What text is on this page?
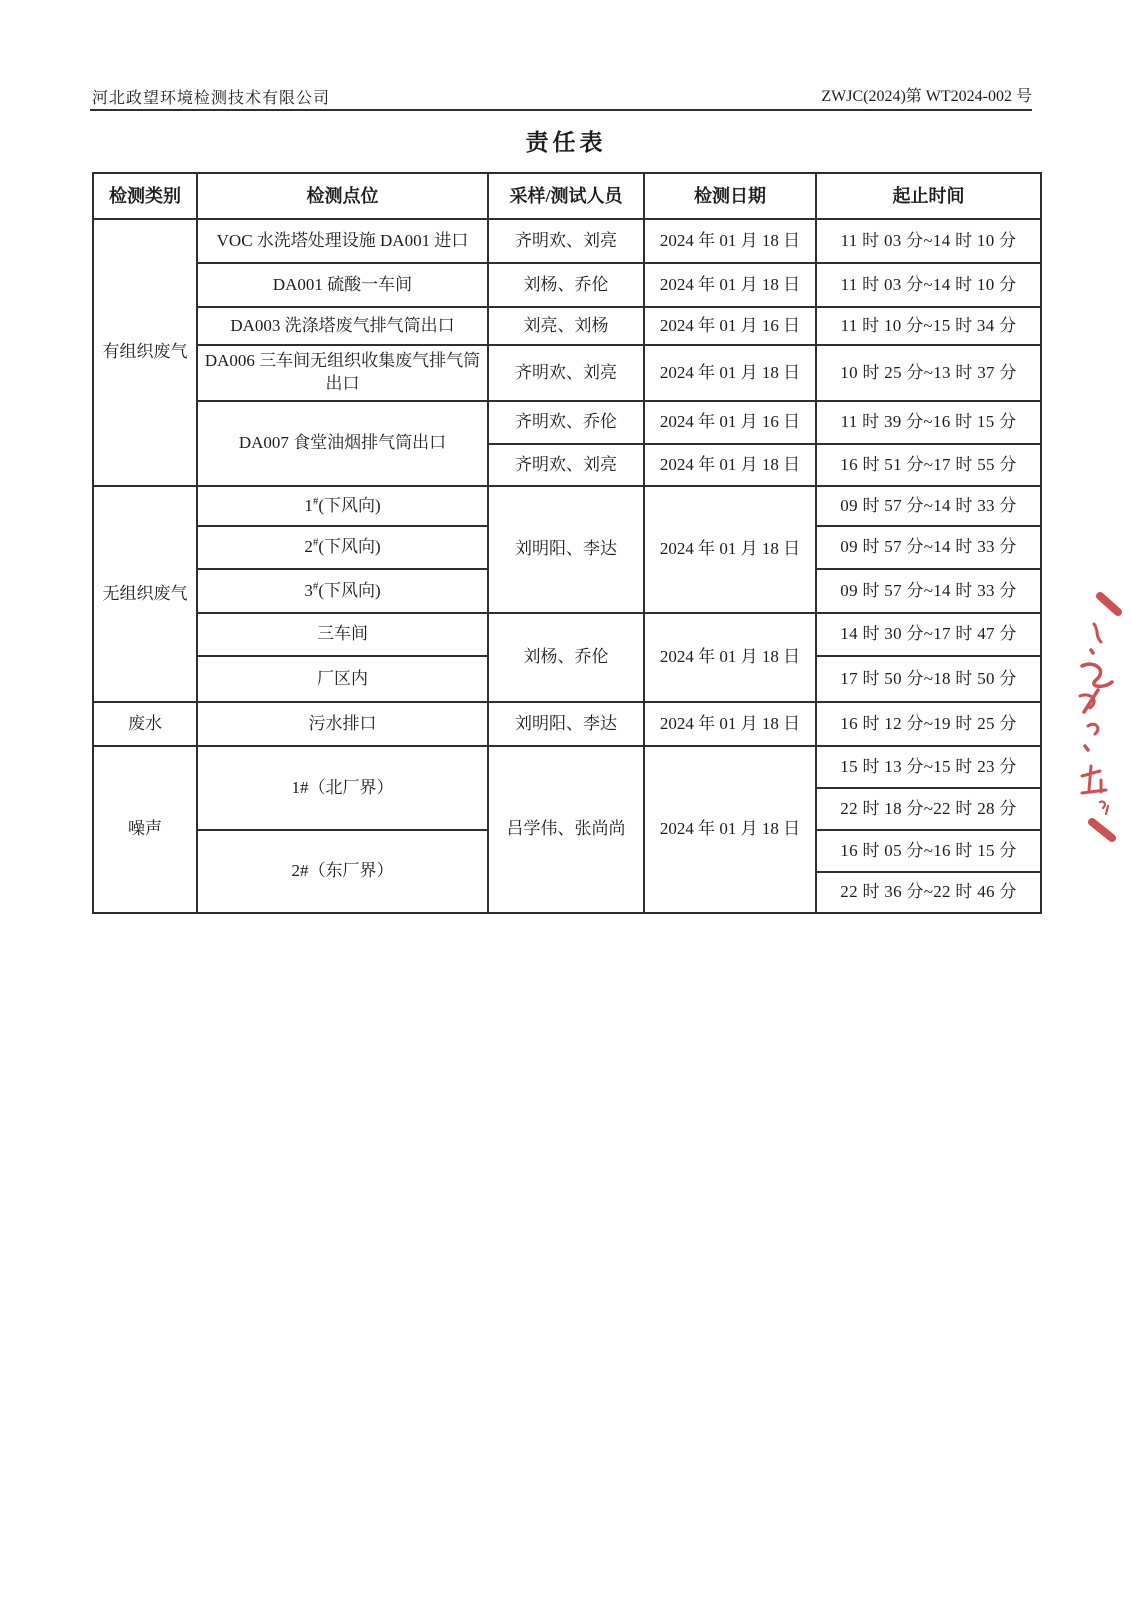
河北政望环境检测技术有限公司	ZWJC(2024)第 WT2024-002 号
责任表
检测类别	检测点位	采样/测试人员	检测日期	起止时间
有组织废气	VOC 水洗塔处理设施 DA001 进口	齐明欢、刘亮	2024 年 01 月 18 日	11 时 03 分~14 时 10 分
	DA001 硫酸一车间	刘杨、乔伦	2024 年 01 月 18 日	11 时 03 分~14 时 10 分
	DA003 洗涤塔废气排气筒出口	刘亮、刘杨	2024 年 01 月 16 日	11 时 10 分~15 时 34 分
	DA006 三车间无组织收集废气排气筒出口	齐明欢、刘亮	2024 年 01 月 18 日	10 时 25 分~13 时 37 分
	DA007 食堂油烟排气筒出口	齐明欢、乔伦	2024 年 01 月 16 日	11 时 39 分~16 时 15 分
		齐明欢、刘亮	2024 年 01 月 18 日	16 时 51 分~17 时 55 分
无组织废气	1#(下风向)	刘明阳、李达	2024 年 01 月 18 日	09 时 57 分~14 时 33 分
	2#(下风向)			09 时 57 分~14 时 33 分
	3#(下风向)			09 时 57 分~14 时 33 分
	三车间	刘杨、乔伦	2024 年 01 月 18 日	14 时 30 分~17 时 47 分
	厂区内			17 时 50 分~18 时 50 分
废水	污水排口	刘明阳、李达	2024 年 01 月 18 日	16 时 12 分~19 时 25 分
噪声	1#（北厂界）	吕学伟、张尚尚	2024 年 01 月 18 日	15 时 13 分~15 时 23 分
				22 时 18 分~22 时 28 分
	2#（东厂界）			16 时 05 分~16 时 15 分
				22 时 36 分~22 时 46 分
